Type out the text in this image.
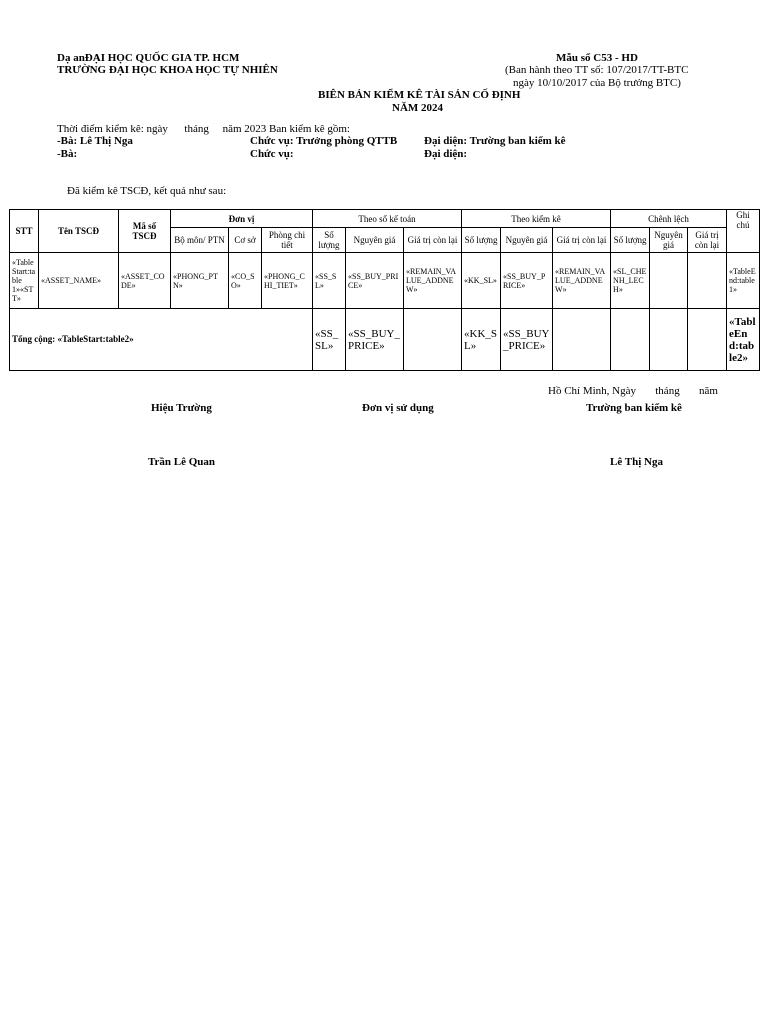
Dạ anĐẠI HỌC QUỐC GIA TP. HCM
TRƯỜNG ĐẠI HỌC KHOA HỌC TỰ NHIÊN
Mẫu số C53 - HD
(Ban hành theo TT số: 107/2017/TT-BTC
ngày 10/10/2017 của Bộ trưởng BTC)
BIÊN BẢN KIỂM KÊ TÀI SẢN CỐ ĐỊNH
NĂM 2024
Thời điểm kiểm kê: ngày      tháng     năm 2023 Ban kiểm kê gồm:
-Bà: Lê Thị Nga	Chức vụ: Trưởng phòng QTTB Đại diện: Trường ban kiểm kê
-Bà:	Chức vụ:	Đại diện:
Đã kiểm kê TSCĐ, kết quả như sau:
STT	Tên TSCĐ	Mã số TSCĐ	Đơn vị			Theo sổ kế toán			Theo kiểm kê			Chênh lệch			Ghi chú
			Bộ môn/ PTN	Cơ sở	Phòng chi tiết	Số lượng	Nguyên giá	Giá trị còn lại	Số lượng	Nguyên giá	Giá trị còn lại	Số lượng	Nguyên giá	Giá trị còn lại	
«TableStart:table1»«STT»	«ASSET_NAME»	«ASSET_CODE»	«PHONG_PTN»	«CO_SO»	«PHONG_CHI_TIET»	«SS_SL»	«SS_BUY_PRICE»	«REMAIN_VALUE_ADDNEW»	«KK_SL»	«SS_BUY_PRICE»	«REMAIN_VALUE_ADDNEW»	«SL_CHENH_LECH»			«TableEnd:table1»
Tổng cộng: «TableStart:table2»						«SS_SL»	«SS_BUY_PRICE»		«KK_SL»	«SS_BUY_PRICE»					«TableEnd:table2»
Hồ Chí Minh, Ngày       tháng       năm
Hiệu Trường	Đơn vị sử dụng	Trường ban kiểm kê
Trần Lê Quan	Lê Thị Nga
